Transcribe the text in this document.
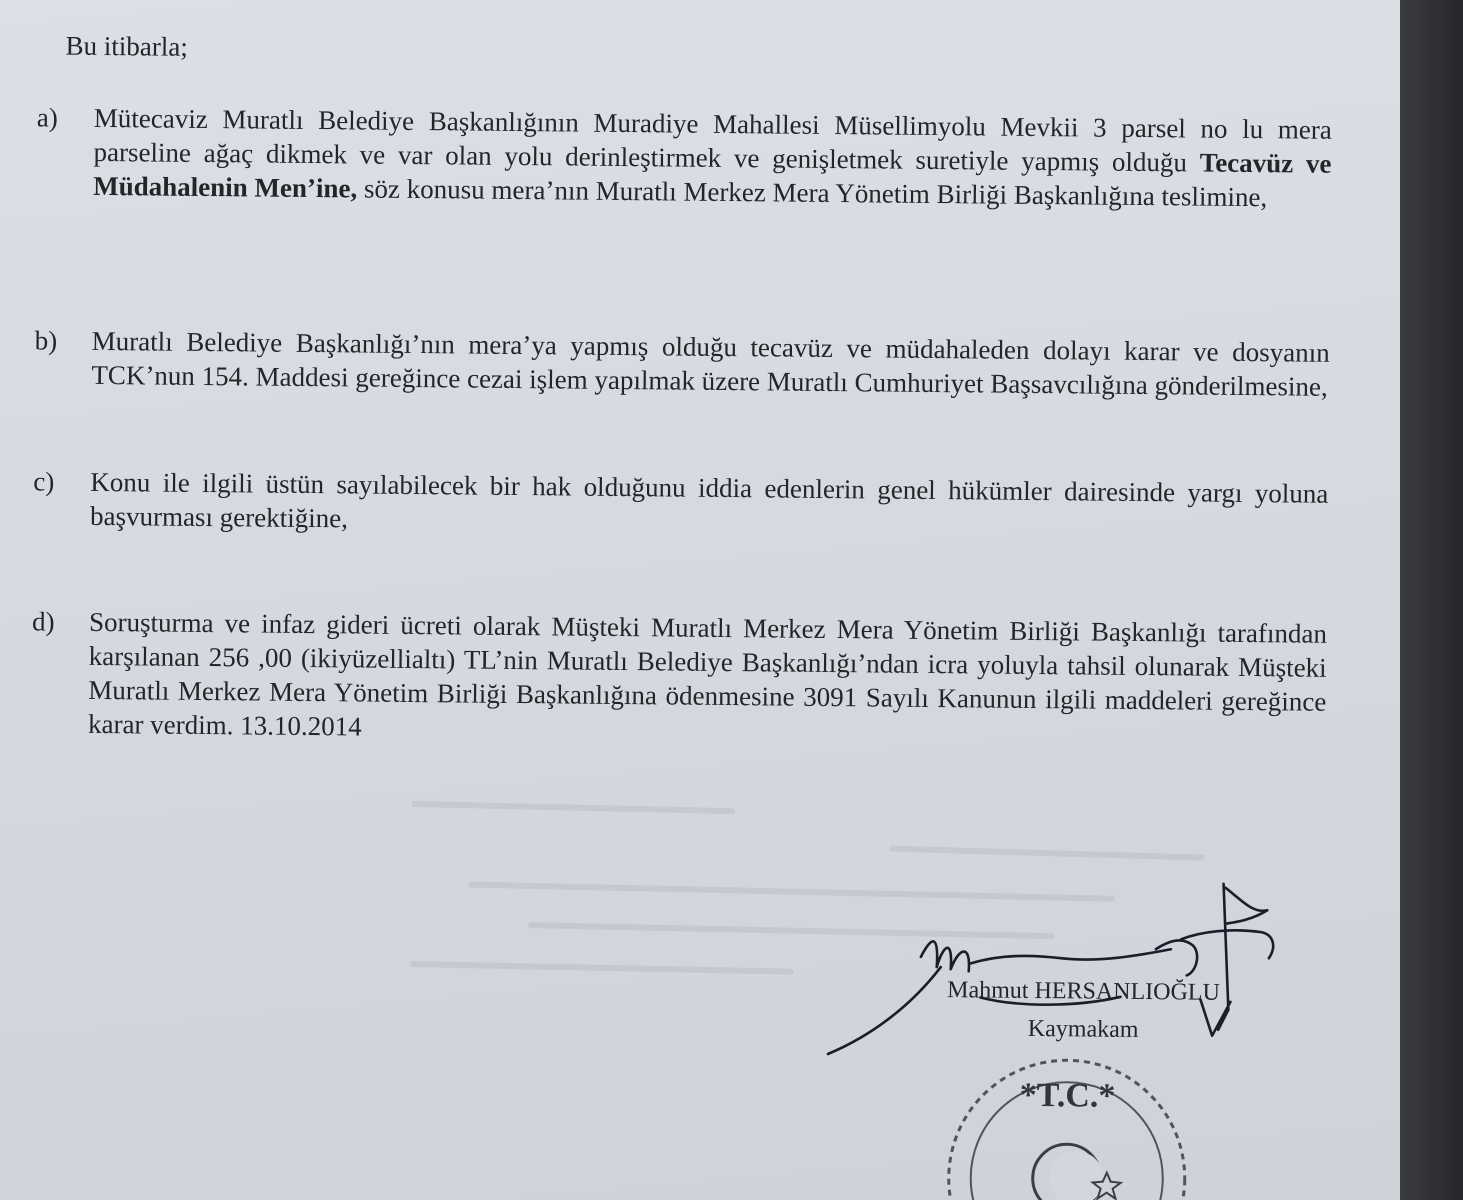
Bu itibarla;
a)	Mütecaviz Muratlı Belediye Başkanlığının Muradiye Mahallesi Müsellimyolu Mevkii 3 parsel no lu mera parseline ağaç dikmek ve var olan yolu derinleştirmek ve genişletmek suretiyle yapmış olduğu Tecavüz ve Müdahalenin Men’ine, söz konusu mera’nın Muratlı Merkez Mera Yönetim Birliği Başkanlığına teslimine,
b)	Muratlı Belediye Başkanlığı’nın mera’ya yapmış olduğu tecavüz ve müdahaleden dolayı karar ve dosyanın TCK’nun 154. Maddesi gereğince cezai işlem yapılmak üzere Muratlı Cumhuriyet Başsavcılığına gönderilmesine,
c)	Konu ile ilgili üstün sayılabilecek bir hak olduğunu iddia edenlerin genel hükümler dairesinde yargı yoluna başvurması gerektiğine,
d)	Soruşturma ve infaz gideri ücreti olarak Müşteki Muratlı Merkez Mera Yönetim Birliği Başkanlığı tarafından karşılanan 256 ,00 (ikiyüzellialtı) TL’nin Muratlı Belediye Başkanlığı’ndan icra yoluyla tahsil olunarak Müşteki Muratlı Merkez Mera Yönetim Birliği Başkanlığına ödenmesine 3091 Sayılı Kanunun ilgili maddeleri gereğince karar verdim. 13.10.2014
Mahmut HERSANLIOĞLU
Kaymakam
*T.C.*
